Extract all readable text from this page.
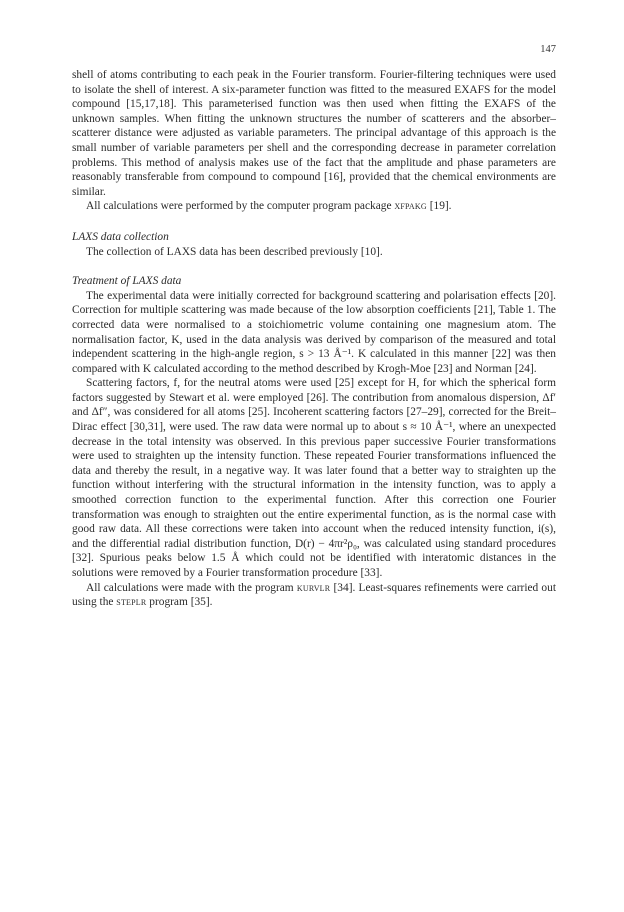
147

shell of atoms contributing to each peak in the Fourier transform. Fourier-filtering techniques were used to isolate the shell of interest. A six-parameter function was fitted to the measured EXAFS for the model compound [15,17,18]. This parameterised function was then used when fitting the EXAFS of the unknown samples. When fitting the unknown structures the number of scatterers and the absorber–scatterer distance were adjusted as variable parameters. The principal advantage of this approach is the small number of variable parameters per shell and the corresponding decrease in parameter correlation problems. This method of analysis makes use of the fact that the amplitude and phase parameters are reasonably transferable from compound to compound [16], provided that the chemical environments are similar.

All calculations were performed by the computer program package xfpakg [19].

LAXS data collection

The collection of LAXS data has been described previously [10].

Treatment of LAXS data

The experimental data were initially corrected for background scattering and polarisation effects [20]. Correction for multiple scattering was made because of the low absorption coefficients [21], Table 1. The corrected data were normalised to a stoichiometric volume containing one magnesium atom. The normalisation factor, K, used in the data analysis was derived by comparison of the measured and total independent scattering in the high-angle region, s > 13 Å⁻¹. K calculated in this manner [22] was then compared with K calculated according to the method described by Krogh-Moe [23] and Norman [24].

Scattering factors, f, for the neutral atoms were used [25] except for H, for which the spherical form factors suggested by Stewart et al. were employed [26]. The contribution from anomalous dispersion, Δf′ and Δf″, was considered for all atoms [25]. Incoherent scattering factors [27–29], corrected for the Breit–Dirac effect [30,31], were used. The raw data were normal up to about s ≈ 10 Å⁻¹, where an unexpected decrease in the total intensity was observed. In this previous paper successive Fourier transformations were used to straighten up the intensity function. These repeated Fourier transformations influenced the data and thereby the result, in a negative way. It was later found that a better way to straighten up the function without interfering with the structural information in the intensity function, was to apply a smoothed correction function to the experimental function. After this correction one Fourier transformation was enough to straighten out the entire experimental function, as is the normal case with good raw data. All these corrections were taken into account when the reduced intensity function, i(s), and the differential radial distribution function, D(r) − 4πr²ρ₀, was calculated using standard procedures [32]. Spurious peaks below 1.5 Å which could not be identified with interatomic distances in the solutions were removed by a Fourier transformation procedure [33].

All calculations were made with the program kurvlr [34]. Least-squares refinements were carried out using the steplr program [35].
